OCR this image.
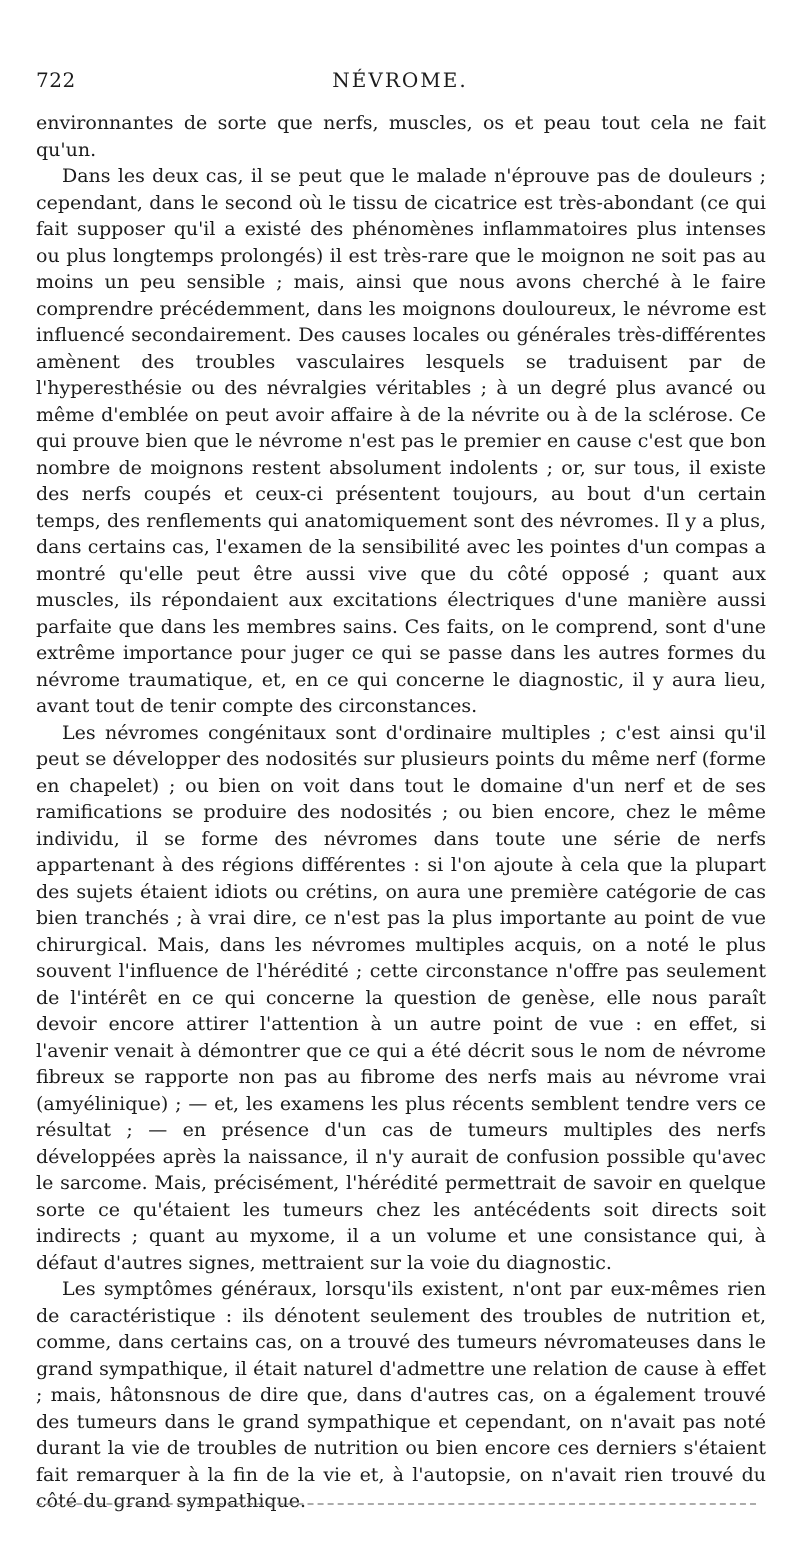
722	NÉVROME.

environnantes de sorte que nerfs, muscles, os et peau tout cela ne fait qu'un.

Dans les deux cas, il se peut que le malade n'éprouve pas de douleurs ; cependant, dans le second où le tissu de cicatrice est très-abondant (ce qui fait supposer qu'il a existé des phénomènes inflammatoires plus intenses ou plus longtemps prolongés) il est très-rare que le moignon ne soit pas au moins un peu sensible ; mais, ainsi que nous avons cherché à le faire comprendre précédemment, dans les moignons douloureux, le névrome est influencé secondairement. Des causes locales ou générales très-différentes amènent des troubles vasculaires lesquels se traduisent par de l'hyperesthésie ou des névralgies véritables ; à un degré plus avancé ou même d'emblée on peut avoir affaire à de la névrite ou à de la sclérose. Ce qui prouve bien que le névrome n'est pas le premier en cause c'est que bon nombre de moignons restent absolument indolents ; or, sur tous, il existe des nerfs coupés et ceux-ci présentent toujours, au bout d'un certain temps, des renflements qui anatomiquement sont des névromes. Il y a plus, dans certains cas, l'examen de la sensibilité avec les pointes d'un compas a montré qu'elle peut être aussi vive que du côté opposé ; quant aux muscles, ils répondaient aux excitations électriques d'une manière aussi parfaite que dans les membres sains. Ces faits, on le comprend, sont d'une extrême importance pour juger ce qui se passe dans les autres formes du névrome traumatique, et, en ce qui concerne le diagnostic, il y aura lieu, avant tout de tenir compte des circonstances.

Les névromes congénitaux sont d'ordinaire multiples ; c'est ainsi qu'il peut se développer des nodosités sur plusieurs points du même nerf (forme en chapelet) ; ou bien on voit dans tout le domaine d'un nerf et de ses ramifications se produire des nodosités ; ou bien encore, chez le même individu, il se forme des névromes dans toute une série de nerfs appartenant à des régions différentes : si l'on ajoute à cela que la plupart des sujets étaient idiots ou crétins, on aura une première catégorie de cas bien tranchés ; à vrai dire, ce n'est pas la plus importante au point de vue chirurgical. Mais, dans les névromes multiples acquis, on a noté le plus souvent l'influence de l'hérédité ; cette circonstance n'offre pas seulement de l'intérêt en ce qui concerne la question de genèse, elle nous paraît devoir encore attirer l'attention à un autre point de vue : en effet, si l'avenir venait à démontrer que ce qui a été décrit sous le nom de névrome fibreux se rapporte non pas au fibrome des nerfs mais au névrome vrai (amyélinique) ; — et, les examens les plus récents semblent tendre vers ce résultat ; — en présence d'un cas de tumeurs multiples des nerfs développées après la naissance, il n'y aurait de confusion possible qu'avec le sarcome. Mais, précisément, l'hérédité permettrait de savoir en quelque sorte ce qu'étaient les tumeurs chez les antécédents soit directs soit indirects ; quant au myxome, il a un volume et une consistance qui, à défaut d'autres signes, mettraient sur la voie du diagnostic.

Les symptômes généraux, lorsqu'ils existent, n'ont par eux-mêmes rien de caractéristique : ils dénotent seulement des troubles de nutrition et, comme, dans certains cas, on a trouvé des tumeurs névromateuses dans le grand sympathique, il était naturel d'admettre une relation de cause à effet ; mais, hâtonsnous de dire que, dans d'autres cas, on a également trouvé des tumeurs dans le grand sympathique et cependant, on n'avait pas noté durant la vie de troubles de nutrition ou bien encore ces derniers s'étaient fait remarquer à la fin de la vie et, à l'autopsie, on n'avait rien trouvé du côté du grand sympathique.
